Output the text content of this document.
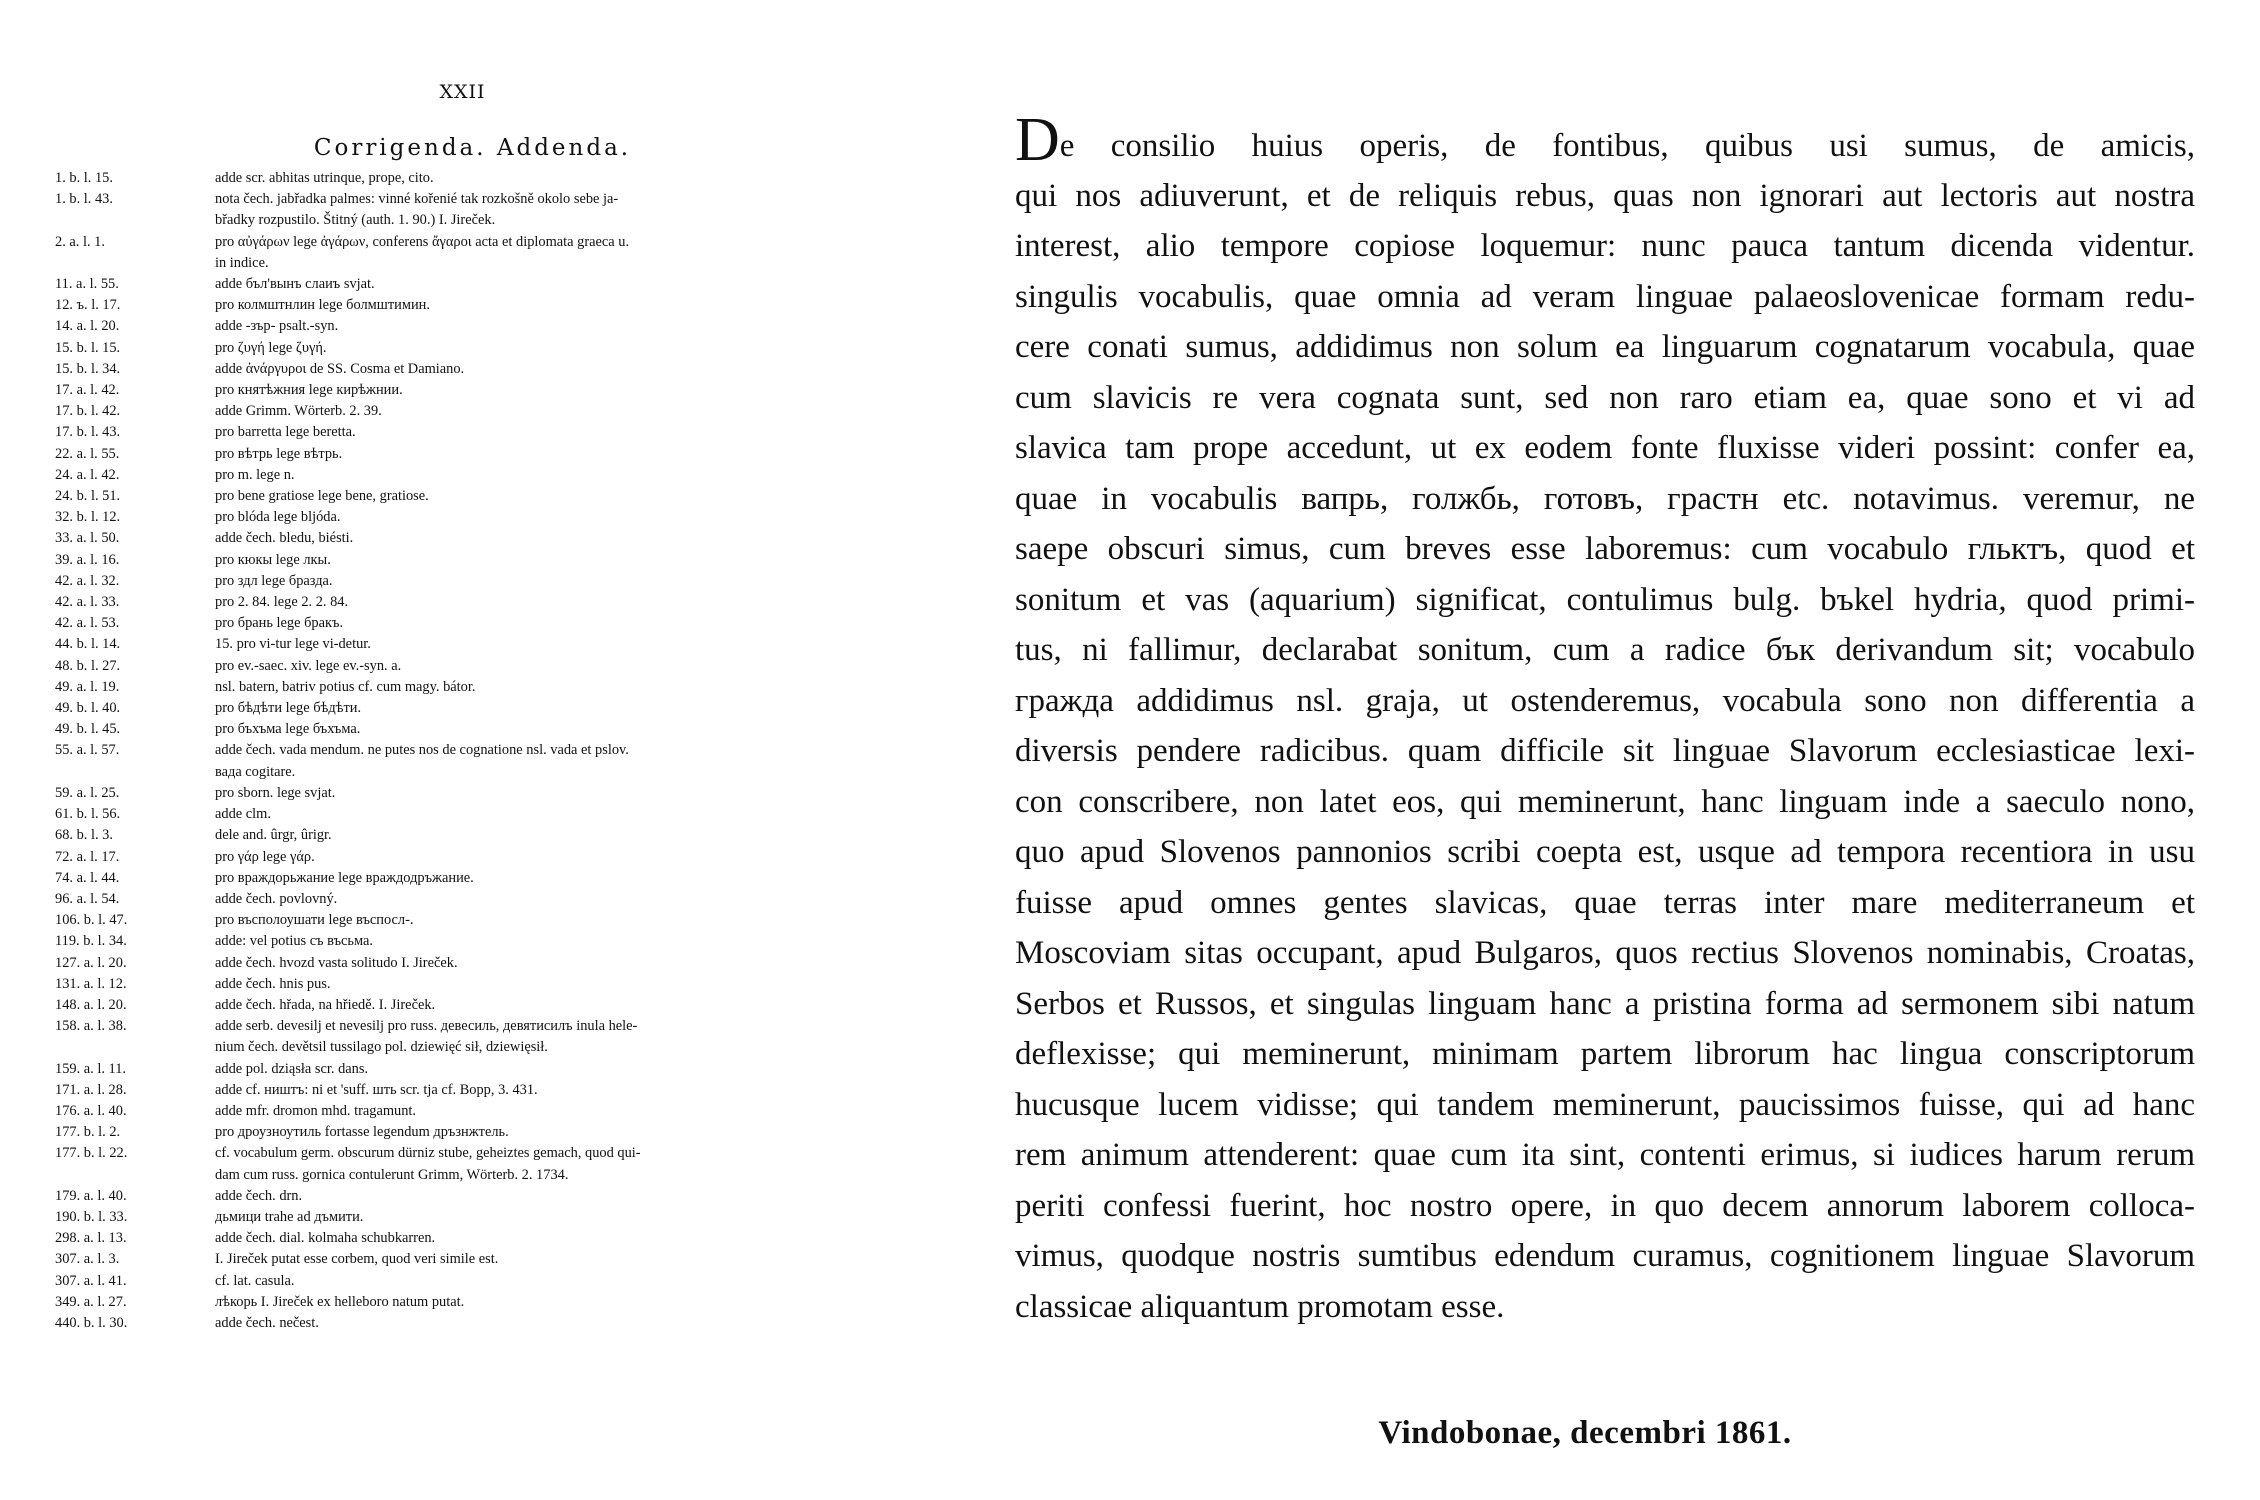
XXII
Corrigenda. Addenda.
1. b. l. 15.	adde scr. abhitas utrinque, prope, cito.
1. b. l. 43.	nota čech. jabřadka palmes: vinné kořenié tak rozkošně okolo sebe ja-
břadky rozpustilo. Štitný (auth. 1. 90.) I. Jireček.
2. a. l. 1.	pro αὐγάρων lege ἀγάρων, conferens ἄγαροι acta et diplomata graeca u.
in indice.
11. a. l. 55.	adde бъл'вынъ слаиъ svjat.
12. ъ. l. 17.	pro колмштнлин lege болмштимин.
14. a. l. 20.	adde -зър- psalt.-syn.
15. b. l. 15.	pro ζυγή lege ζυγή.
15. b. l. 34.	adde ἀνάργυροι de SS. Cosma et Damiano.
17. a. l. 42.	pro княтѣжния lege кирѣжнии.
17. b. l. 42.	adde Grimm. Wörterb. 2. 39.
17. b. l. 43.	pro barretta lege beretta.
22. a. l. 55.	pro вѣтрь lege вѣтрь.
24. a. l. 42.	pro m. lege n.
24. b. l. 51.	pro bene gratiose lege bene, gratiose.
32. b. l. 12.	pro blóda lege bljóda.
33. a. l. 50.	adde čech. bledu, biésti.
39. a. l. 16.	pro кюкы lege лкы.
42. a. l. 32.	pro здл lege бразда.
42. a. l. 33.	pro 2. 84. lege 2. 2. 84.
42. a. l. 53.	pro брань lege бракъ.
44. b. l. 14.	15. pro vi-tur lege vi-detur.
48. b. l. 27.	pro ev.-saec. xiv. lege ev.-syn. a.
49. a. l. 19.	nsl. batern, batriv potius cf. cum magy. bátor.
49. b. l. 40.	pro бѣдѣти lege бѣдѣти.
49. b. l. 45.	pro бъхъма lege бъхъма.
55. a. l. 57.	adde čech. vada mendum. ne putes nos de cognatione nsl. vada et pslov.
вада cogitare.
59. a. l. 25.	pro sborn. lege svjat.
61. b. l. 56.	adde clm.
68. b. l. 3.	dele and. ûrgr, ûrigr.
72. a. l. 17.	pro γάρ lege γάρ.
74. a. l. 44.	pro враждорьжание lege враждодръжание.
96. a. l. 54.	adde čech. povlovný.
106. b. l. 47.	pro въсполоушати lege въспосл-.
119. b. l. 34.	adde: vel potius съ въсьма.
127. a. l. 20.	adde čech. hvozd vasta solitudo I. Jireček.
131. a. l. 12.	adde čech. hnis pus.
148. a. l. 20.	adde čech. hřada, na hřiedě. I. Jireček.
158. a. l. 38.	adde serb. devesilj et nevesilj pro russ. девесиль, девятисилъ inula hele-
nium čech. devětsil tussilago pol. dziewięć sił, dziewięsił.
159. a. l. 11.	adde pol. dziąsła scr. dans.
171. a. l. 28.	adde cf. ништъ: ni et 'suff. шть scr. tja cf. Bopp, 3. 431.
176. a. l. 40.	adde mfr. dromon mhd. tragamunt.
177. b. l. 2.	pro дроузноутиль fortasse legendum дръзнжтель.
177. b. l. 22.	cf. vocabulum germ. obscurum dürniz stube, geheiztes gemach, quod qui-
dam cum russ. gornica contulerunt Grimm, Wörterb. 2. 1734.
179. a. l. 40.	adde čech. drn.
190. b. l. 33.	дьмици trahe ad дъмити.
298. a. l. 13.	adde čech. dial. kolmaha schubkarren.
307. a. l. 3.	I. Jireček putat esse corbem, quod veri simile est.
307. a. l. 41.	cf. lat. casula.
349. a. l. 27.	лѣкорь I. Jireček ex helleboro natum putat.
440. b. l. 30.	adde čech. nečest.
De consilio huius operis, de fontibus, quibus usi sumus, de amicis,
qui nos adiuverunt, et de reliquis rebus, quas non ignorari aut lectoris aut nostra
interest, alio tempore copiose loquemur: nunc pauca tantum dicenda videntur.
singulis vocabulis, quae omnia ad veram linguae palaeoslovenicae formam redu-
cere conati sumus, addidimus non solum ea linguarum cognatarum vocabula, quae
cum slavicis re vera cognata sunt, sed non raro etiam ea, quae sono et vi ad
slavica tam prope accedunt, ut ex eodem fonte fluxisse videri possint: confer ea,
quae in vocabulis вапрь, голжбь, готовъ, грастн etc. notavimus. veremur, ne
saepe obscuri simus, cum breves esse laboremus: cum vocabulo гльктъ, quod et
sonitum et vas (aquarium) significat, contulimus bulg. bъkel hydria, quod primi-
tus, ni fallimur, declarabat sonitum, cum a radice бък derivandum sit; vocabulo
гражда addidimus nsl. graja, ut ostenderemus, vocabula sono non differentia a
diversis pendere radicibus. quam difficile sit linguae Slavorum ecclesiasticae lexi-
con conscribere, non latet eos, qui meminerunt, hanc linguam inde a saeculo nono,
quo apud Slovenos pannonios scribi coepta est, usque ad tempora recentiora in usu
fuisse apud omnes gentes slavicas, quae terras inter mare mediterraneum et
Moscoviam sitas occupant, apud Bulgaros, quos rectius Slovenos nominabis, Croatas,
Serbos et Russos, et singulas linguam hanc a pristina forma ad sermonem sibi natum
deflexisse; qui meminerunt, minimam partem librorum hac lingua conscriptorum
hucusque lucem vidisse; qui tandem meminerunt, paucissimos fuisse, qui ad hanc
rem animum attenderent: quae cum ita sint, contenti erimus, si iudices harum rerum
periti confessi fuerint, hoc nostro opere, in quo decem annorum laborem colloca-
vimus, quodque nostris sumtibus edendum curamus, cognitionem linguae Slavorum
classicae aliquantum promotam esse.
Vindobonae, decembri 1861.
